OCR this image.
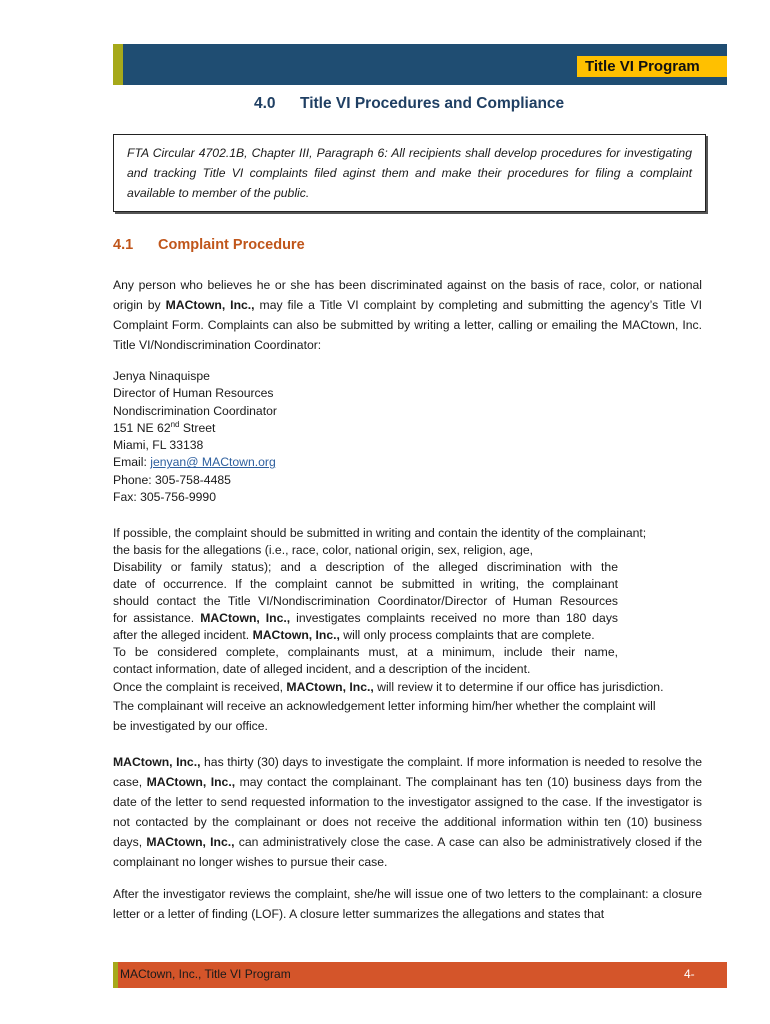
Title VI Program
4.0 Title VI Procedures and Compliance
FTA Circular 4702.1B, Chapter III, Paragraph 6: All recipients shall develop procedures for investigating and tracking Title VI complaints filed aginst them and make their procedures for filing a complaint available to member of the public.
4.1 Complaint Procedure

Any person who believes he or she has been discriminated against on the basis of race, color, or national origin by MACtown, Inc., may file a Title VI complaint by completing and submitting the agency’s Title VI Complaint Form. Complaints can also be submitted by writing a letter, calling or emailing the MACtown, Inc. Title VI/Nondiscrimination Coordinator:

Jenya Ninaquispe
Director of Human Resources
Nondiscrimination Coordinator
151 NE 62nd Street
Miami, FL 33138
Email: jenyan@ MACtown.org
Phone: 305-758-4485
Fax: 305-756-9990
If possible, the complaint should be submitted in writing and contain the identity of the complainant;
the basis for the allegations (i.e., race, color, national origin, sex, religion, age,
Disability or family status); and a description of the alleged discrimination with the
date of occurrence. If the complaint cannot be submitted in writing, the complainant
should contact the Title VI/Nondiscrimination Coordinator/Director of Human Resources
for assistance. MACtown, Inc., investigates complaints received no more than 180 days
after the alleged incident. MACtown, Inc., will only process complaints that are complete.
To be considered complete, complainants must, at a minimum, include their name,
contact information, date of alleged incident, and a description of the incident.
Once the complaint is received, MACtown, Inc., will review it to determine if our office has jurisdiction.
The complainant will receive an acknowledgement letter informing him/her whether the complaint will
be investigated by our office.

MACtown, Inc., has thirty (30) days to investigate the complaint. If more information is needed to resolve the case, MACtown, Inc., may contact the complainant. The complainant has ten (10) business days from the date of the letter to send requested information to the investigator assigned to the case. If the investigator is not contacted by the complainant or does not receive the additional information within ten (10) business days, MACtown, Inc., can administratively close the case. A case can also be administratively closed if the complainant no longer wishes to pursue their case.

After the investigator reviews the complaint, she/he will issue one of two letters to the complainant: a closure letter or a letter of finding (LOF). A closure letter summarizes the allegations and states that

MACtown, Inc., Title VI Program	4-
